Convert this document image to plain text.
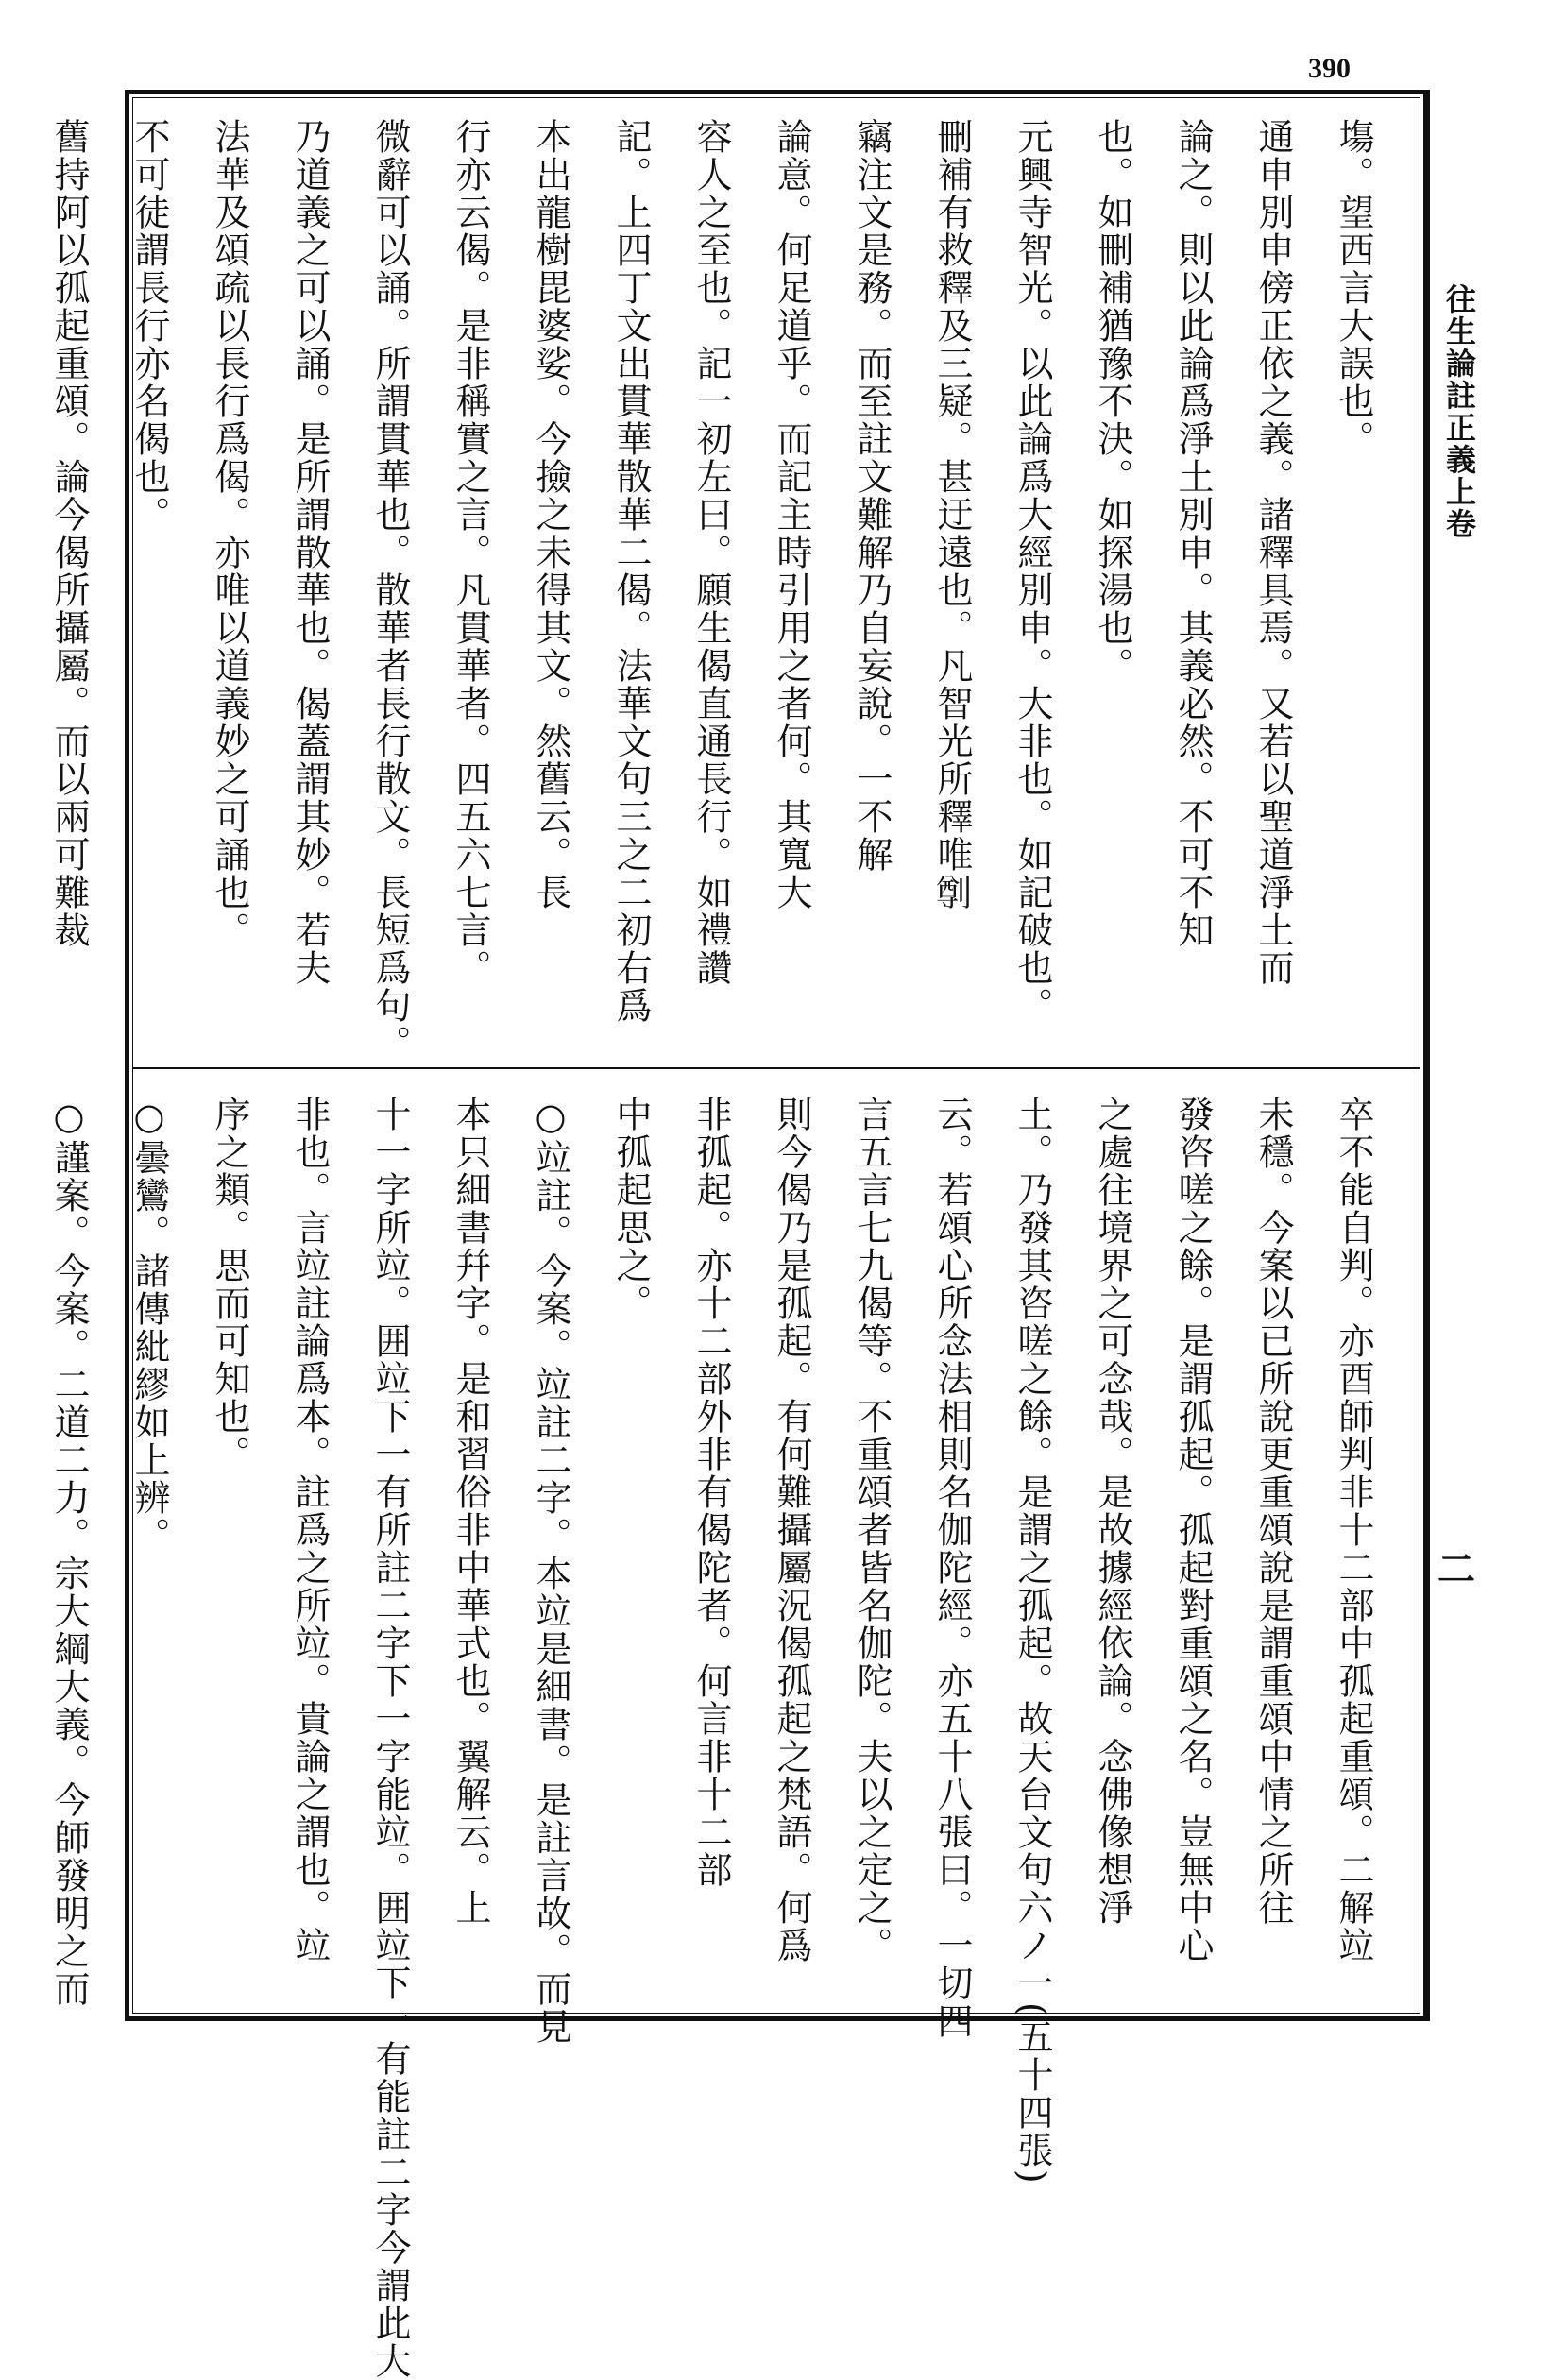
390
往生論註正義上卷
二
塲。望西言大誤也。
通申別申傍正依之義。諸釋具焉。又若以聖道淨土而
論之。則以此論爲淨土別申。其義必然。不可不知
也。如刪補猶豫不決。如探湯也。
元興寺智光。以此論爲大經別申。大非也。如記破也。
刪補有救釋及三疑。甚迂遠也。凡智光所釋唯𠟃
竊注文是務。而至註文難解乃自妄說。一不解
論意。何足道乎。而記主時引用之者何。其寬大
容人之至也。記一初左曰。願生偈直通長行。如禮讚
記。上四丁文出貫華散華二偈。法華文句三之二初右爲
本出龍樹毘婆娑。今撿之未得其文。然舊云。長
行亦云偈。是非稱實之言。凡貫華者。四五六七言。
微辭可以誦。所謂貫華也。散華者長行散文。長短爲句。
乃道義之可以誦。是所謂散華也。偈蓋謂其妙。若夫
法華及頌疏以長行爲偈。亦唯以道義妙之可誦也。
不可徒謂長行亦名偈也。
舊持阿以孤起重頌。論今偈所攝屬。而以兩可難裁
卒不能自判。亦酉師判非十二部中孤起重頌。二解竝
未穩。今案以已所說更重頌說是謂重頌中情之所往
發咨嗟之餘。是謂孤起。孤起對重頌之名。豈無中心
之處往境界之可念哉。是故據經依論。念佛像想淨
土。乃發其咨嗟之餘。是謂之孤起。故天台文句六ノ一(五十四張)
云。若頌心所念法相則名伽陀經。亦五十八張曰。一切四
言五言七九偈等。不重頌者皆名伽陀。夫以之定之。
則今偈乃是孤起。有何難攝屬況偈孤起之梵語。何爲
非孤起。亦十二部外非有偈陀者。何言非十二部
中孤起思之。
○竝註。今案。竝註二字。本竝是細書。是註言故。而見
本只細書幷字。是和習俗非中華式也。翼解云。上
十一字所竝。囲竝下一有所註二字下一字能竝。囲竝下一有能註二字今謂此大
非也。言竝註論爲本。註爲之所竝。貴論之謂也。竝
序之類。思而可知也。
○曇鸞。諸傳紕繆如上辨。
○謹案。今案。二道二力。宗大綱大義。今師發明之而
